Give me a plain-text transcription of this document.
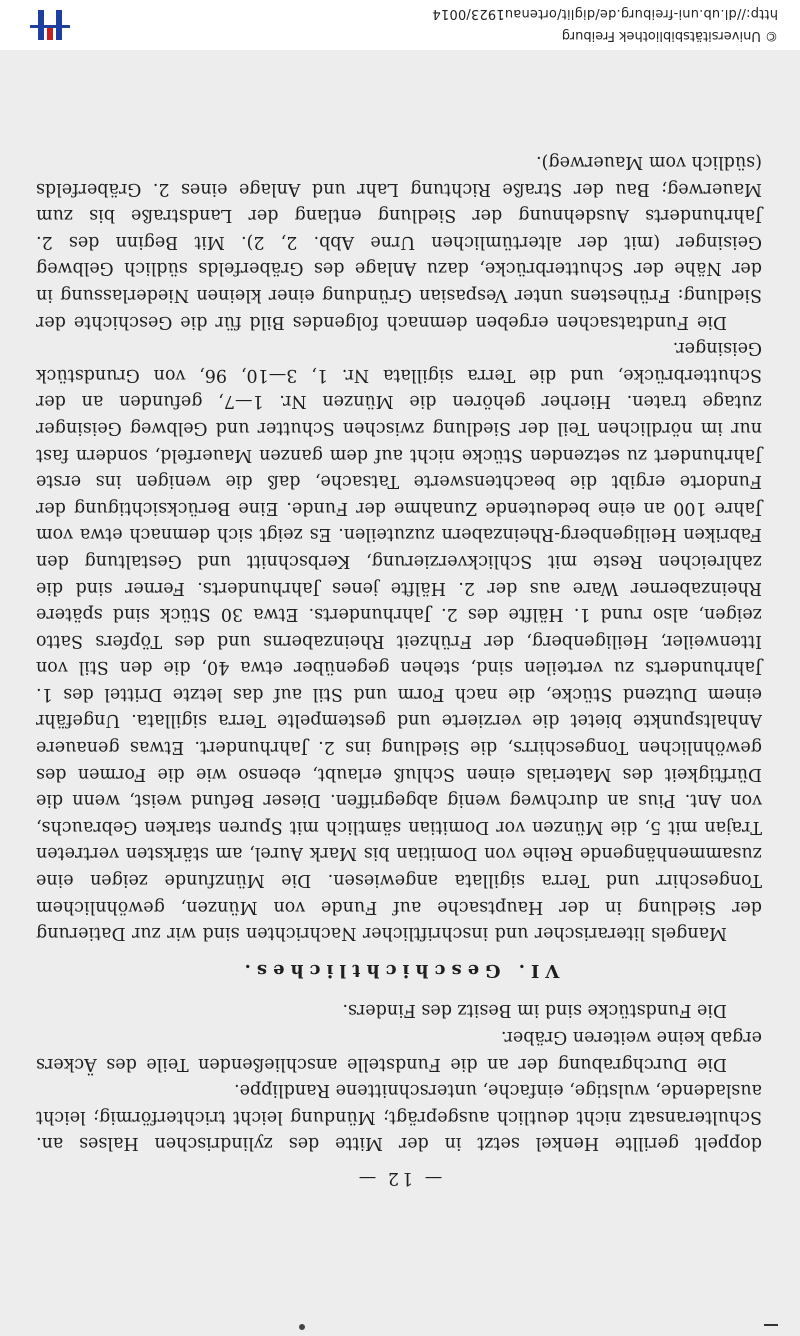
— 12 —

doppelt gerillte Henkel setzt in der Mitte des zylindrischen Halses an. Schulteransatz nicht deutlich ausgeprägt; Mündung leicht trichterförmig; leicht ausladende, wulstige, einfache, unterschnittene Randlippe.

Die Durchgrabung der an die Fundstelle anschließenden Teile des Äckers ergab keine weiteren Gräber.

Die Fundstücke sind im Besitz des Finders.

VI. Geschichtliches.

Mangels literarischer und inschriftlicher Nachrichten sind wir zur Datierung der Siedlung in der Hauptsache auf Funde von Münzen, gewöhnlichem Tongeschirr und Terra sigillata angewiesen. Die Münzfunde zeigen eine zusammenhängende Reihe von Domitian bis Mark Aurel, am stärksten vertreten Trajan mit 5, die Münzen vor Domitian sämtlich mit Spuren starken Gebrauchs, von Ant. Pius an durchweg wenig abgegriffen. Dieser Befund weist, wenn die Dürftigkeit des Materials einen Schluß erlaubt, ebenso wie die Formen des gewöhnlichen Tongeschirrs, die Siedlung ins 2. Jahrhundert. Etwas genauere Anhaltspunkte bietet die verzierte und gestempelte Terra sigillata. Ungefähr einem Dutzend Stücke, die nach Form und Stil auf das letzte Drittel des 1. Jahrhunderts zu verteilen sind, stehen gegenüber etwa 40, die den Stil von Ittenweiler, Heiligenberg, der Frühzeit Rheinzaberns und des Töpfers Satto zeigen, also rund 1. Hälfte des 2. Jahrhunderts. Etwa 30 Stück sind spätere Rheinzaberner Ware aus der 2. Hälfte jenes Jahrhunderts. Ferner sind die zahlreichen Reste mit Schlickverzierung, Kerbschnitt und Gestaltung den Fabriken Heiligenberg-Rheinzabern zuzuteilen. Es zeigt sich demnach etwa vom Jahre 100 an eine bedeutende Zunahme der Funde. Eine Berücksichtigung der Fundorte ergibt die beachtenswerte Tatsache, daß die wenigen ins erste Jahrhundert zu setzenden Stücke nicht auf dem ganzen Mauerfeld, sondern fast nur im nördlichen Teil der Siedlung zwischen Schutter und Gelbweg Geisinger zutage traten. Hierher gehören die Münzen Nr. 1—7, gefunden an der Schutterbrücke, und die Terra sigillata Nr. 1, 3—10, 96, von Grundstück Geisinger.

Die Fundtatsachen ergeben demnach folgendes Bild für die Geschichte der Siedlung: Frühestens unter Vespasian Gründung einer kleinen Niederlassung in der Nähe der Schutterbrücke, dazu Anlage des Gräberfelds südlich Gelbweg Geisinger (mit der altertümlichen Urne Abb. 2, 2). Mit Beginn des 2. Jahrhunderts Ausdehnung der Siedlung entlang der Landstraße bis zum Mauerweg; Bau der Straße Richtung Lahr und Anlage eines 2. Gräberfelds (südlich vom Mauerweg).

© Universitätsbibliothek Freiburg
http://dl.ub.uni-freiburg.de/diglit/ortenau1923/0014
